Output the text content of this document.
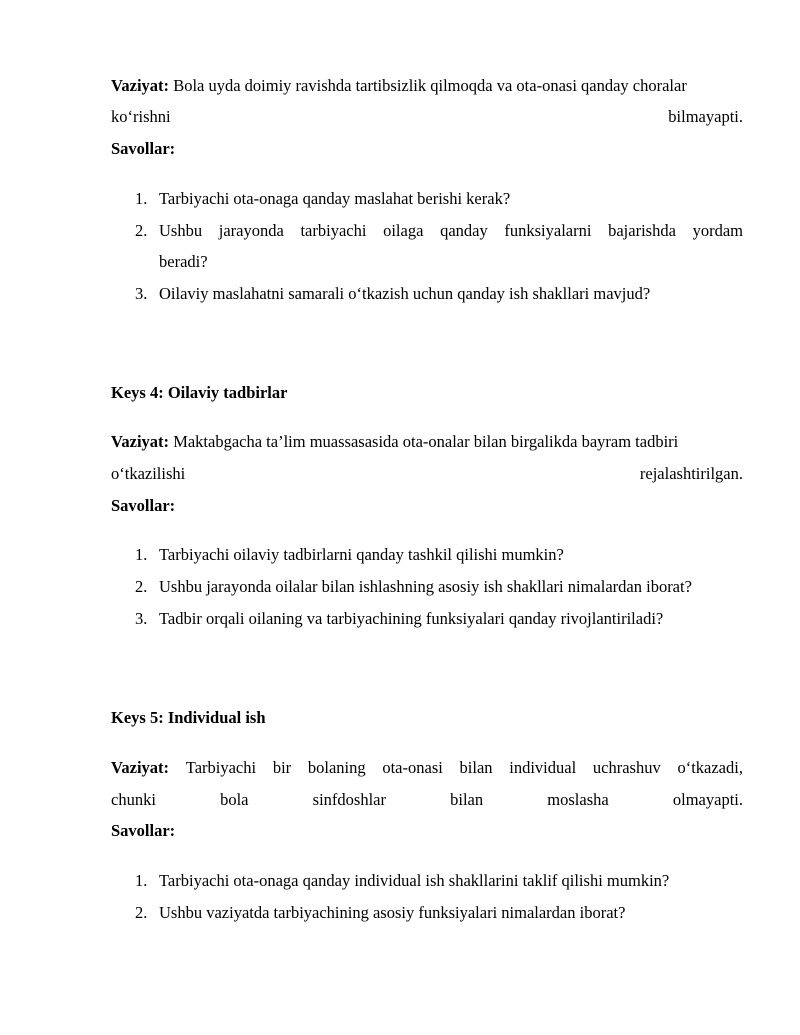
Vaziyat: Bola uyda doimiy ravishda tartibsizlik qilmoqda va ota-onasi qanday choralar
ko‘rishni	bilmayapti.
Savollar:
1. Tarbiyachi ota-onaga qanday maslahat berishi kerak?
2. Ushbu jarayonda tarbiyachi oilaga qanday funksiyalarni bajarishda yordam
beradi?
3. Oilaviy maslahatni samarali o‘tkazish uchun qanday ish shakllari mavjud?
Keys 4: Oilaviy tadbirlar
Vaziyat: Maktabgacha ta’lim muassasasida ota-onalar bilan birgalikda bayram tadbiri
o‘tkazilishi	rejalashtirilgan.
Savollar:
1. Tarbiyachi oilaviy tadbirlarni qanday tashkil qilishi mumkin?
2. Ushbu jarayonda oilalar bilan ishlashning asosiy ish shakllari nimalardan iborat?
3. Tadbir orqali oilaning va tarbiyachining funksiyalari qanday rivojlantiriladi?
Keys 5: Individual ish
Vaziyat: Tarbiyachi bir bolaning ota-onasi bilan individual uchrashuv o‘tkazadi,
chunki	bola	sinfdoshlar	bilan	moslasha	olmayapti.
Savollar:
1. Tarbiyachi ota-onaga qanday individual ish shakllarini taklif qilishi mumkin?
2. Ushbu vaziyatda tarbiyachining asosiy funksiyalari nimalardan iborat?
